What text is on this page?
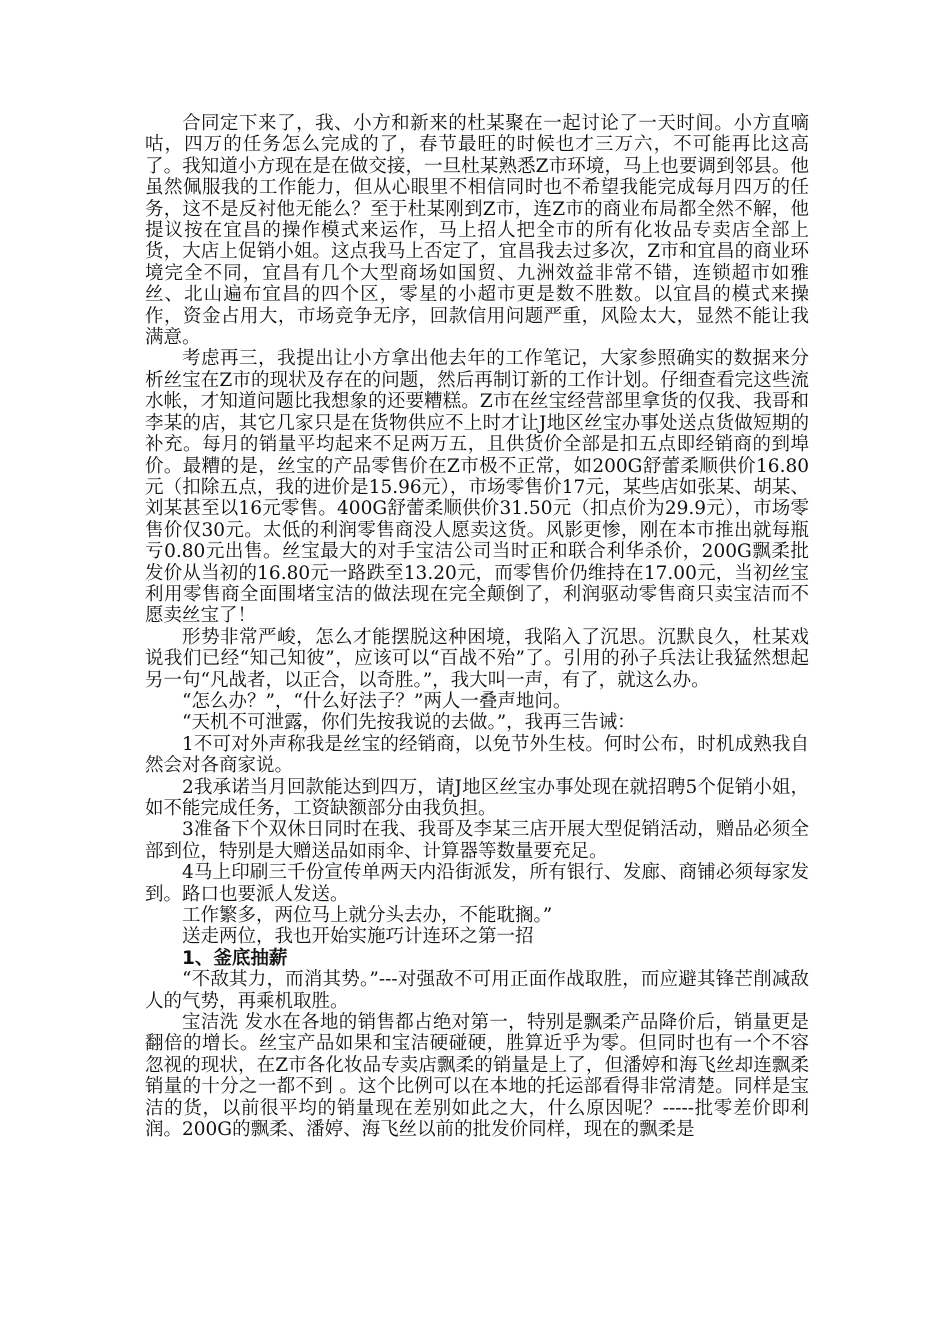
合同定下来了，我、小方和新来的杜某聚在一起讨论了一天时间。小方直嘀咕，四万的任务怎么完成的了，春节最旺的时候也才三万六，不可能再比这高了。我知道小方现在是在做交接，一旦杜某熟悉Z市环境，马上也要调到邻县。他虽然佩服我的工作能力，但从心眼里不相信同时也不希望我能完成每月四万的任务，这不是反衬他无能么？至于杜某刚到Z市，连Z市的商业布局都全然不解，他提议按在宜昌的操作模式来运作，马上招人把全市的所有化妆品专卖店全部上货，大店上促销小姐。这点我马上否定了，宜昌我去过多次，Z市和宜昌的商业环境完全不同，宜昌有几个大型商场如国贸、九洲效益非常不错，连锁超市如雅丝、北山遍布宜昌的四个区，零星的小超市更是数不胜数。以宜昌的模式来操作，资金占用大，市场竞争无序，回款信用问题严重，风险太大，显然不能让我满意。

考虑再三，我提出让小方拿出他去年的工作笔记，大家参照确实的数据来分析丝宝在Z市的现状及存在的问题，然后再制订新的工作计划。仔细查看完这些流水帐，才知道问题比我想象的还要糟糕。Z市在丝宝经营部里拿货的仅我、我哥和李某的店，其它几家只是在货物供应不上时才让J地区丝宝办事处送点货做短期的补充。每月的销量平均起来不足两万五，且供货价全部是扣五点即经销商的到埠价。最糟的是，丝宝的产品零售价在Z市极不正常，如200G舒蕾柔顺供价16.80元（扣除五点，我的进价是15.96元），市场零售价17元，某些店如张某、胡某、刘某甚至以16元零售。400G舒蕾柔顺供价31.50元（扣点价为29.9元），市场零售价仅30元。太低的利润零售商没人愿卖这货。风影更惨，刚在本市推出就每瓶亏0.80元出售。丝宝最大的对手宝洁公司当时正和联合利华杀价，200G飘柔批发价从当初的16.80元一路跌至13.20元，而零售价仍维持在17.00元，当初丝宝利用零售商全面围堵宝洁的做法现在完全颠倒了，利润驱动零售商只卖宝洁而不愿卖丝宝了！

形势非常严峻，怎么才能摆脱这种困境，我陷入了沉思。沉默良久，杜某戏说我们已经“知己知彼”，应该可以“百战不殆”了。引用的孙子兵法让我猛然想起另一句“凡战者，以正合，以奇胜。”，我大叫一声，有了，就这么办。

“怎么办？”，“什么好法子？”两人一叠声地问。

“天机不可泄露，你们先按我说的去做。”，我再三告诫：

1不可对外声称我是丝宝的经销商，以免节外生枝。何时公布，时机成熟我自然会对各商家说。

2我承诺当月回款能达到四万，请J地区丝宝办事处现在就招聘5个促销小姐，如不能完成任务，工资缺额部分由我负担。

3准备下个双休日同时在我、我哥及李某三店开展大型促销活动，赠品必须全部到位，特别是大赠送品如雨伞、计算器等数量要充足。

4马上印刷三千份宣传单两天内沿街派发，所有银行、发廊、商铺必须每家发到。路口也要派人发送。

工作繁多，两位马上就分头去办，不能耽搁。”

送走两位，我也开始实施巧计连环之第一招

1、釜底抽薪

“不敌其力，而消其势。”---对强敌不可用正面作战取胜，而应避其锋芒削减敌人的气势，再乘机取胜。

宝洁洗 发水在各地的销售都占绝对第一，特别是飘柔产品降价后，销量更是翻倍的增长。丝宝产品如果和宝洁硬碰硬，胜算近乎为零。但同时也有一个不容忽视的现状，在Z市各化妆品专卖店飘柔的销量是上了，但潘婷和海飞丝却连飘柔销量的十分之一都不到 。这个比例可以在本地的托运部看得非常清楚。同样是宝洁的货，以前很平均的销量现在差别如此之大，什么原因呢？-----批零差价即利润。200G的飘柔、潘婷、海飞丝以前的批发价同样，现在的飘柔是
